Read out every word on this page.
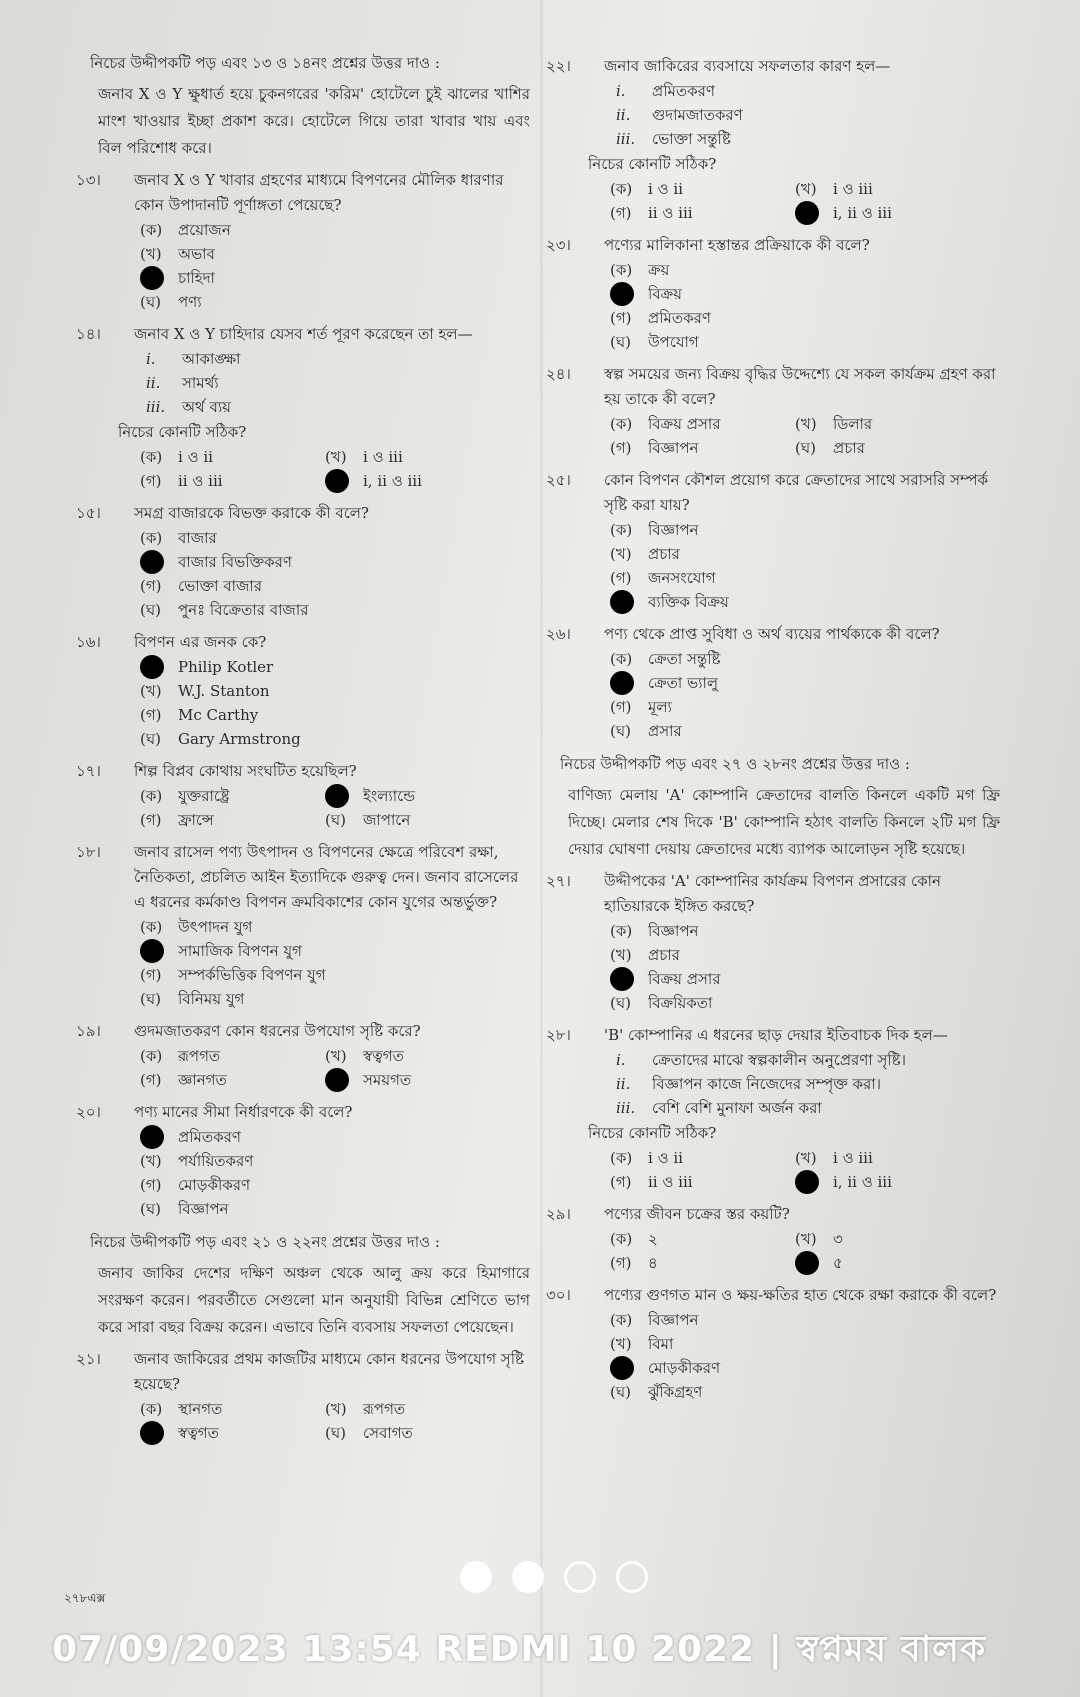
নিচের উদ্দীপকটি পড় এবং ১৩ ও ১৪নং প্রশ্নের উত্তর দাও :
জনাব X ও Y ক্ষুধার্ত হয়ে চুকনগরের 'করিম' হোটেলে চুই ঝালের খাশির মাংশ খাওয়ার ইচ্ছা প্রকাশ করে। হোটেলে গিয়ে তারা খাবার খায় এবং বিল পরিশোধ করে।
১৩। জনাব X ও Y খাবার গ্রহণের মাধ্যমে বিপণনের মৌলিক ধারণার কোন উপাদানটি পূর্ণাঙ্গতা পেয়েছে?
(ক)	প্রয়োজন
(খ)	অভাব
চাহিদা
(ঘ)	পণ্য
১৪। জনাব X ও Y চাহিদার যেসব শর্ত পূরণ করেছেন তা হল—
i. আকাঙ্ক্ষা
ii. সামর্থ্য
iii. অর্থ ব্যয়
নিচের কোনটি সঠিক?
(ক)	i ও ii	(খ)	i ও iii
(গ)	ii ও iii	i, ii ও iii
১৫। সমগ্র বাজারকে বিভক্ত করাকে কী বলে?
(ক)	বাজার
বাজার বিভক্তিকরণ
(গ)	ভোক্তা বাজার
(ঘ)	পুনঃ বিক্রেতার বাজার
১৬। বিপণন এর জনক কে?
Philip Kotler
(খ)	W.J. Stanton
(গ)	Mc Carthy
(ঘ)	Gary Armstrong
১৭। শিল্প বিপ্লব কোথায় সংঘটিত হয়েছিল?
(ক)	যুক্তরাষ্ট্রে	ইংল্যান্ডে
(গ)	ফ্রান্সে	(ঘ)	জাপানে
১৮। জনাব রাসেল পণ্য উৎপাদন ও বিপণনের ক্ষেত্রে পরিবেশ রক্ষা, নৈতিকতা, প্রচলিত আইন ইত্যাদিকে গুরুত্ব দেন। জনাব রাসেলের এ ধরনের কর্মকাণ্ড বিপণন ক্রমবিকাশের কোন যুগের অন্তর্ভুক্ত?
(ক)	উৎপাদন যুগ
সামাজিক বিপণন যুগ
(গ)	সম্পর্কভিত্তিক বিপণন যুগ
(ঘ)	বিনিময় যুগ
১৯। গুদমজাতকরণ কোন ধরনের উপযোগ সৃষ্টি করে?
(ক)	রূপগত	(খ)	স্বত্বগত
(গ)	জ্ঞানগত	সময়গত
২০। পণ্য মানের সীমা নির্ধারণকে কী বলে?
প্রমিতকরণ
(খ)	পর্যায়িতকরণ
(গ)	মোড়কীকরণ
(ঘ)	বিজ্ঞাপন
নিচের উদ্দীপকটি পড় এবং ২১ ও ২২নং প্রশ্নের উত্তর দাও :
জনাব জাকির দেশের দক্ষিণ অঞ্চল থেকে আলু ক্রয় করে হিমাগারে সংরক্ষণ করেন। পরবর্তীতে সেগুলো মান অনুযায়ী বিভিন্ন শ্রেণিতে ভাগ করে সারা বছর বিক্রয় করেন। এভাবে তিনি ব্যবসায় সফলতা পেয়েছেন।
২১। জনাব জাকিরের প্রথম কাজটির মাধ্যমে কোন ধরনের উপযোগ সৃষ্টি হয়েছে?
(ক)	স্থানগত	(খ)	রূপগত
স্বত্বগত	(ঘ)	সেবাগত
২২। জনাব জাকিরের ব্যবসায়ে সফলতার কারণ হল—
i. প্রমিতকরণ
ii. গুদামজাতকরণ
iii. ভোক্তা সন্তুষ্টি
নিচের কোনটি সঠিক?
(ক)	i ও ii	(খ)	i ও iii
(গ)	ii ও iii	i, ii ও iii
২৩। পণ্যের মালিকানা হস্তান্তর প্রক্রিয়াকে কী বলে?
(ক)	ক্রয়
বিক্রয়
(গ)	প্রমিতকরণ
(ঘ)	উপযোগ
২৪। স্বল্প সময়ের জন্য বিক্রয় বৃদ্ধির উদ্দেশ্যে যে সকল কার্যক্রম গ্রহণ করা হয় তাকে কী বলে?
(ক)	বিক্রয় প্রসার	(খ)	ডিলার
(গ)	বিজ্ঞাপন	(ঘ)	প্রচার
২৫। কোন বিপণন কৌশল প্রয়োগ করে ক্রেতাদের সাথে সরাসরি সম্পর্ক সৃষ্টি করা যায়?
(ক)	বিজ্ঞাপন
(খ)	প্রচার
(গ)	জনসংযোগ
ব্যক্তিক বিক্রয়
২৬। পণ্য থেকে প্রাপ্ত সুবিধা ও অর্থ ব্যয়ের পার্থক্যকে কী বলে?
(ক)	ক্রেতা সন্তুষ্টি
ক্রেতা ভ্যালু
(গ)	মূল্য
(ঘ)	প্রসার
নিচের উদ্দীপকটি পড় এবং ২৭ ও ২৮নং প্রশ্নের উত্তর দাও :
বাণিজ্য মেলায় 'A' কোম্পানি ক্রেতাদের বালতি কিনলে একটি মগ ফ্রি দিচ্ছে। মেলার শেষ দিকে 'B' কোম্পানি হঠাৎ বালতি কিনলে ২টি মগ ফ্রি দেয়ার ঘোষণা দেয়ায় ক্রেতাদের মধ্যে ব্যাপক আলোড়ন সৃষ্টি হয়েছে।
২৭। উদ্দীপকের 'A' কোম্পানির কার্যক্রম বিপণন প্রসারের কোন হাতিয়ারকে ইঙ্গিত করছে?
(ক)	বিজ্ঞাপন
(খ)	প্রচার
বিক্রয় প্রসার
(ঘ)	বিক্রয়িকতা
২৮। 'B' কোম্পানির এ ধরনের ছাড় দেয়ার ইতিবাচক দিক হল—
i. ক্রেতাদের মাঝে স্বল্পকালীন অনুপ্রেরণা সৃষ্টি।
ii. বিজ্ঞাপন কাজে নিজেদের সম্পৃক্ত করা।
iii. বেশি বেশি মুনাফা অর্জন করা
নিচের কোনটি সঠিক?
(ক)	i ও ii	(খ)	i ও iii
(গ)	ii ও iii	i, ii ও iii
২৯। পণ্যের জীবন চক্রের স্তর কয়টি?
(ক)	২	(খ)	৩
(গ)	৪	৫
৩০। পণ্যের গুণগত মান ও ক্ষয়-ক্ষতির হাত থেকে রক্ষা করাকে কী বলে?
(ক)	বিজ্ঞাপন
(খ)	বিমা
মোড়কীকরণ
(ঘ)	ঝুঁকিগ্রহণ
২৭৮এক্স
07/09/2023 13:54 REDMI 10 2022 | স্বপ্নময় বালক
